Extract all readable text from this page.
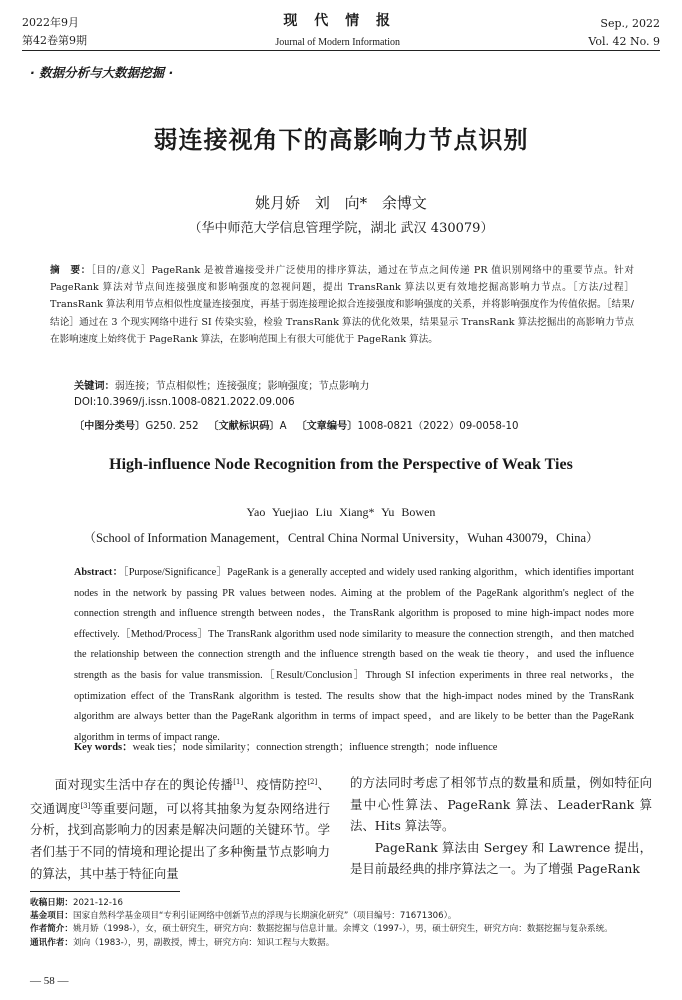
2022年9月	现 代 情 报	Sep., 2022
第42卷第9期	Journal of Modern Information	Vol. 42 No. 9
· 数据分析与大数据挖掘 ·
弱连接视角下的高影响力节点识别
姚月娇 刘 向* 余博文
（华中师范大学信息管理学院，湖北 武汉 430079）
摘　要：［目的/意义］PageRank 是被普遍接受并广泛使用的排序算法，通过在节点之间传递 PR 值识别网络中的重要节点。针对 PageRank 算法对节点间连接强度和影响强度的忽视问题，提出 TransRank 算法以更有效地挖掘高影响力节点。［方法/过程］TransRank 算法利用节点相似性度量连接强度，再基于弱连接理论拟合连接强度和影响强度的关系，并将影响强度作为传值依据。［结果/结论］通过在 3 个现实网络中进行 SI 传染实验，检验 TransRank 算法的优化效果，结果显示 TransRank 算法挖掘出的高影响力节点在影响速度上始终优于 PageRank 算法，在影响范围上有很大可能优于 PageRank 算法。
关键词：弱连接；节点相似性；连接强度；影响强度；节点影响力
DOI:10.3969/j.issn.1008-0821.2022.09.006
〔中图分类号〕G250. 252 〔文献标识码〕A 〔文章编号〕1008-0821（2022）09-0058-10
High-influence Node Recognition from the Perspective of Weak Ties
Yao Yuejiao Liu Xiang* Yu Bowen
（School of Information Management，Central China Normal University，Wuhan 430079，China）
Abstract：［Purpose/Significance］PageRank is a generally accepted and widely used ranking algorithm，which identifies important nodes in the network by passing PR values between nodes. Aiming at the problem of the PageRank algorithm's neglect of the connection strength and influence strength between nodes，the TransRank algorithm is proposed to mine high-impact nodes more effectively.［Method/Process］The TransRank algorithm used node similarity to measure the connection strength，and then matched the relationship between the connection strength and the influence strength based on the weak tie theory，and used the influence strength as the basis for value transmission.［Result/Conclusion］Through SI infection experiments in three real networks，the optimization effect of the TransRank algorithm is tested. The results show that the high-impact nodes mined by the TransRank algorithm are always better than the PageRank algorithm in terms of impact speed，and are likely to be better than the PageRank algorithm in terms of impact range.
Key words：weak ties；node similarity；connection strength；influence strength；node influence

面对现实生活中存在的舆论传播[1]、疫情防控[2]、交通调度[3]等重要问题，可以将其抽象为复杂网络进行分析，找到高影响力的因素是解决问题的关键环节。学者们基于不同的情境和理论提出了多种衡量节点影响力的算法，其中基于特征向量

的方法同时考虑了相邻节点的数量和质量，例如特征向量中心性算法、PageRank 算法、LeaderRank 算法、Hits 算法等。

PageRank 算法由 Sergey 和 Lawrence 提出，是目前最经典的排序算法之一。为了增强 PageRank

收稿日期：2021-12-16
基金项目：国家自然科学基金项目“专利引证网络中创新节点的浮现与长期演化研究”（项目编号：71671306）。
作者简介：姚月娇（1998-），女，硕士研究生，研究方向：数据挖掘与信息计量。余博文（1997-），男，硕士研究生，研究方向：数据挖掘与复杂系统。
通讯作者：刘向（1983-），男，副教授，博士，研究方向：知识工程与大数据。
— 58 —
